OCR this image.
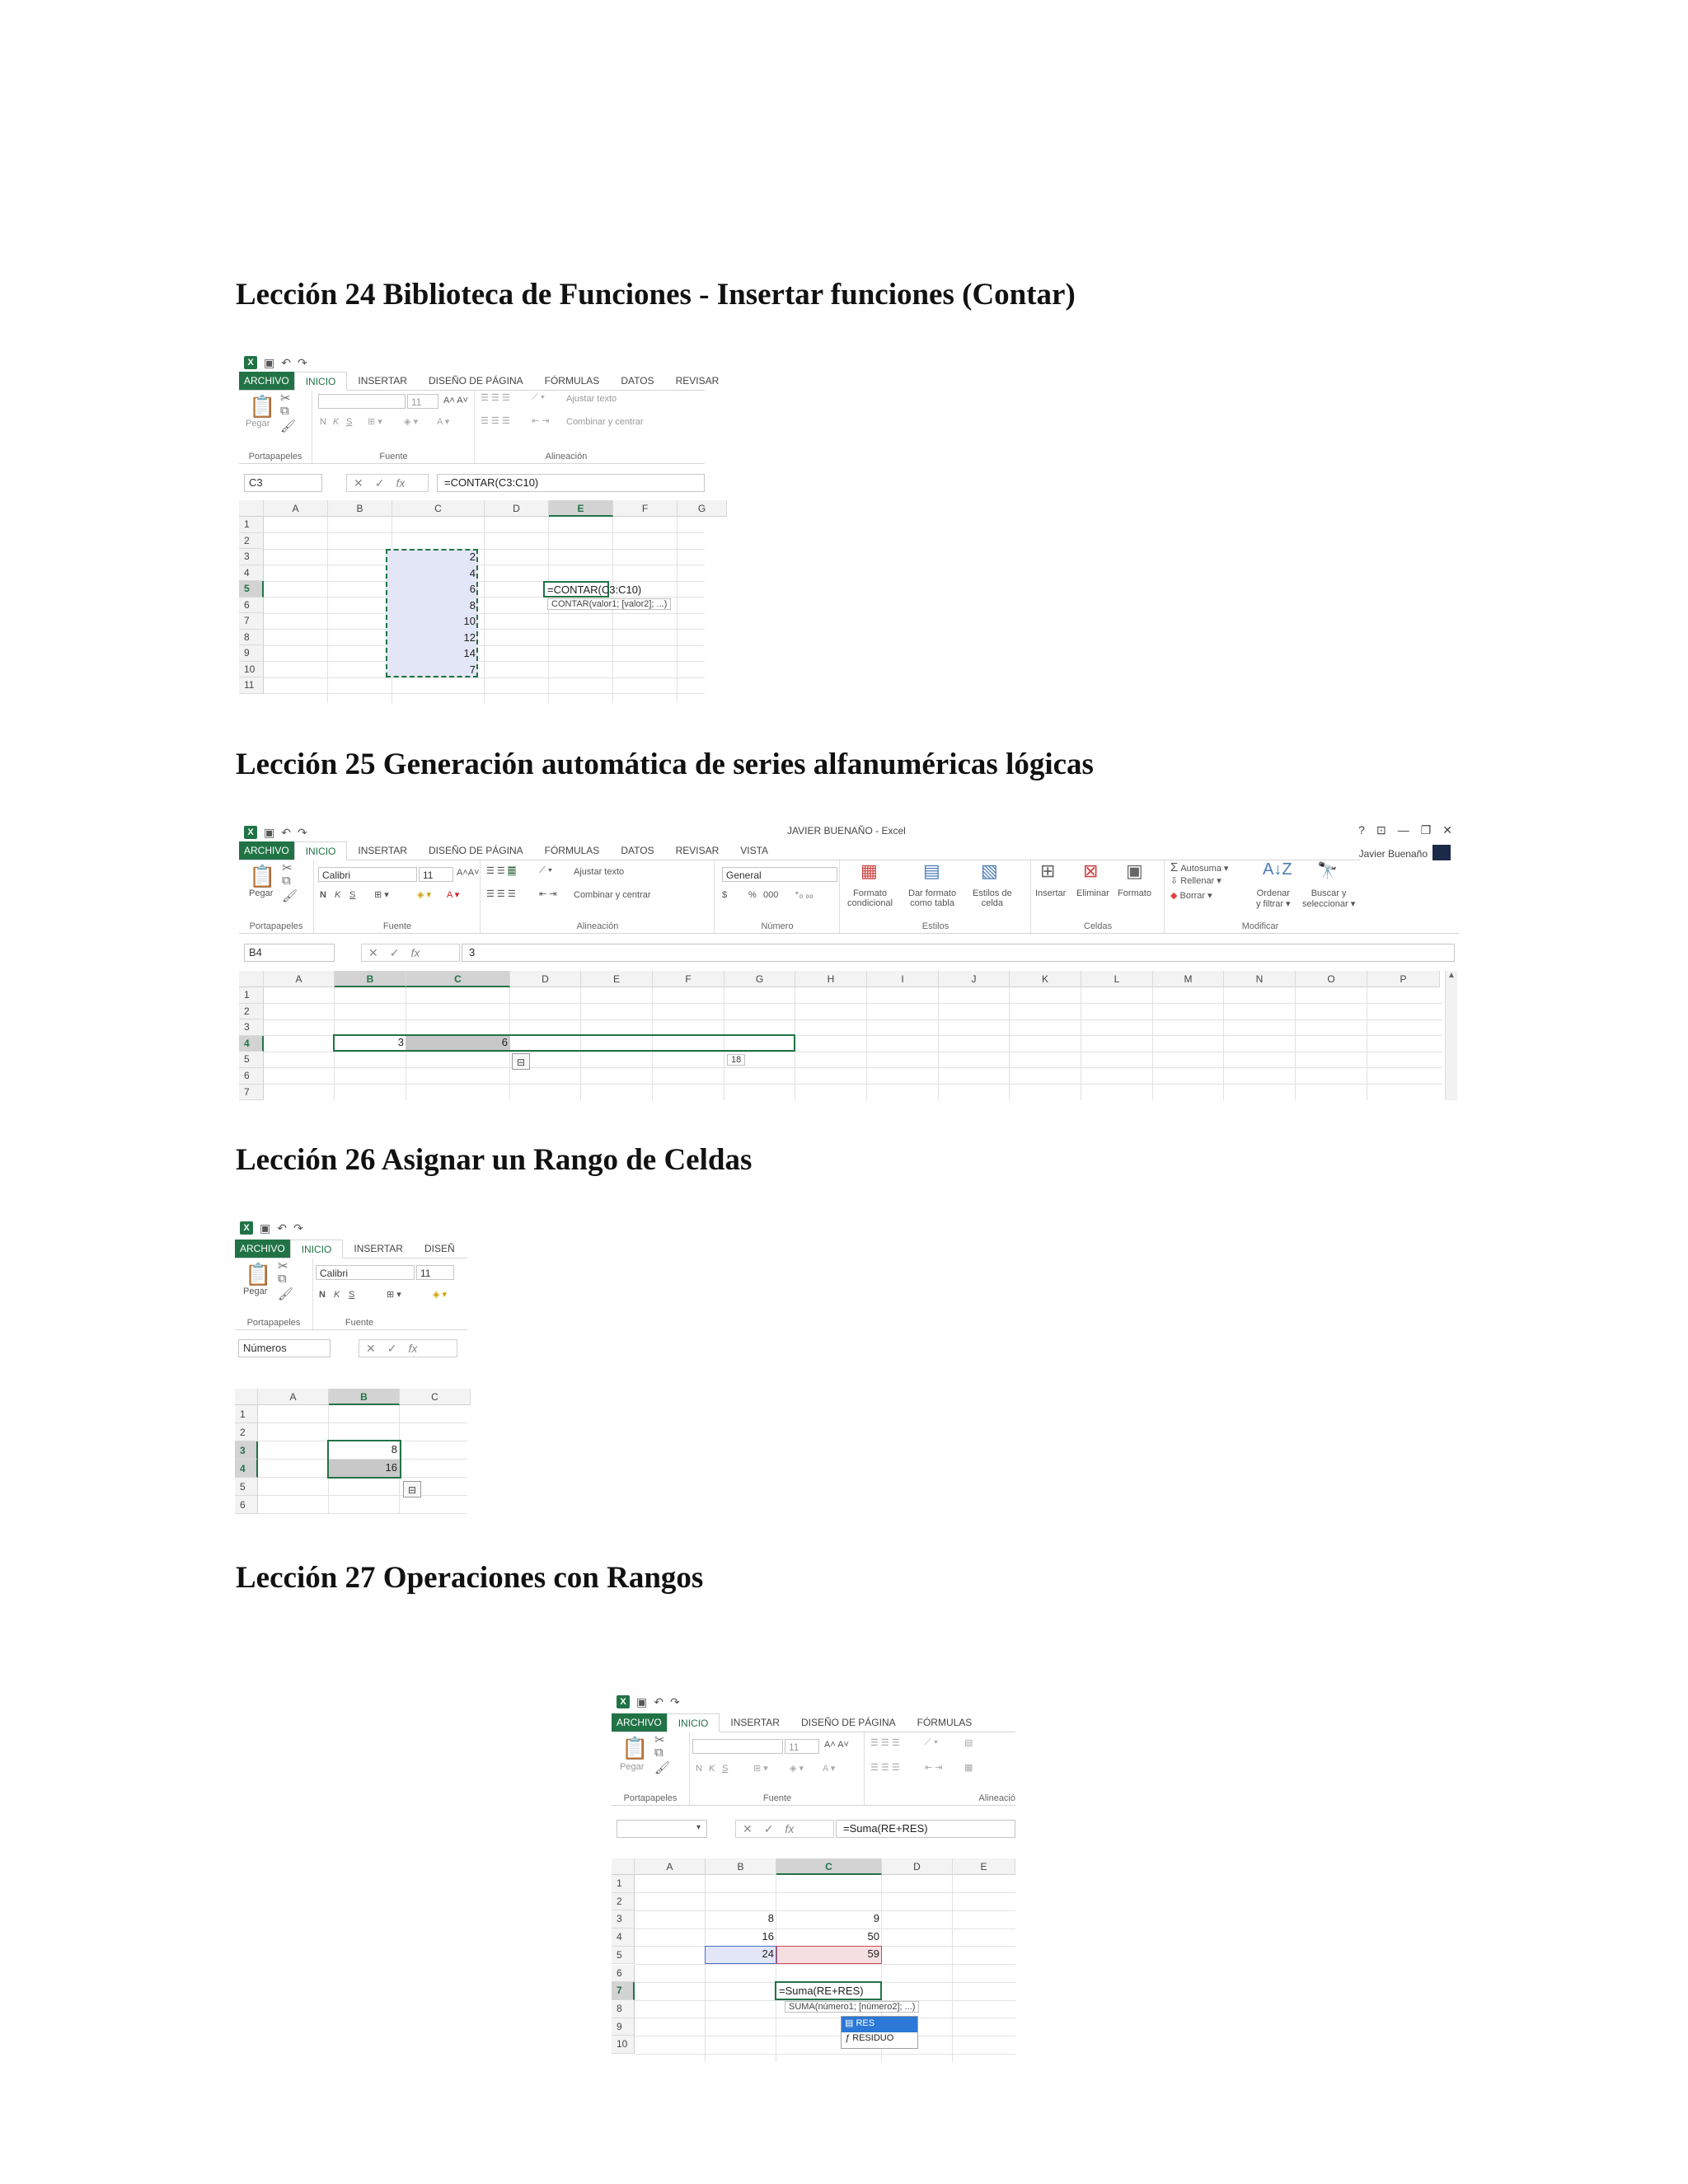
Lección 24 Biblioteca de Funciones - Insertar funciones (Contar)
Lección 25 Generación automática de series alfanuméricas lógicas
Lección 26 Asignar un Rango de Celdas
Lección 27 Operaciones con Rangos
X ▣ ↶ ↷
ARCHIVO	INICIO	INSERTAR	DISEÑO DE PÁGINA	FÓRMULAS	DATOS	REVISAR
📋
Pegar
✂
⧉
🖌
Portapapeles
11	A˄ A˅
N K S ⊞ ▾ ◈ ▾ A ▾
Fuente
☰ ☰ ☰
☰ ☰ ☰
⟋ ▾
⇤ ⇥
Ajustar texto
Combinar y centrar
Alineación
C3	✕ ✓ fx	=CONTAR(C3:C10)
A	B	C	D	E	F	G
1
2
3
4
5
6
7
8
9
10
11
2
4
6
8
10
12
14
7
=CONTAR(C3:C10)
CONTAR(valor1; [valor2]; ...)
X ▣ ↶ ↷	JAVIER BUENAÑO - Excel	? ⊡ — ❐ ✕
Javier Buenaño
ARCHIVO	INICIO	INSERTAR	DISEÑO DE PÁGINA	FÓRMULAS	DATOS	REVISAR	VISTA
📋
Pegar
✂
⧉
🖌
Portapapeles
Calibri	11	A˄A˅
N K S ⊞ ▾	◈ ▾ A ▾
Fuente
☰ ☰ ☰
☰ ☰ ☰
⟋ ▾
⇤ ⇥
Ajustar texto
Combinar y centrar
Alineación
General
$ % 000 ⁺₀ ₀₀
Número
▦
Formato
condicional
▤
Dar formato
como tabla
▧
Estilos de
celda
Estilos
⊞
Insertar
⊠
Eliminar
▣
Formato
Celdas
Σ Autosuma ▾
⇩ Rellenar ▾
◆ Borrar ▾
A↓Z
Ordenar
y filtrar ▾
🔭
Buscar y
seleccionar ▾
Modificar
B4	✕ ✓ fx	3
A	B	C	D	E	F	G	H	I	J	K	L	M	N	O	P
1
2
3
4
5
6
7
▲
3	6
⊟	18
X ▣ ↶ ↷
ARCHIVO	INICIO	INSERTAR	DISEÑ
📋
Pegar
✂
⧉
🖌
Portapapeles
Calibri	11
N K S	⊞ ▾	◈ ▾
Fuente
Números	✕ ✓ fx
A	B	C
1
2
3
4
5
6
8
16
⊟
X ▣ ↶ ↷
ARCHIVO	INICIO	INSERTAR	DISEÑO DE PÁGINA	FÓRMULAS
📋
Pegar
✂
⧉
🖌
Portapapeles
11	A˄ A˅
N K S	⊞ ▾ ◈ ▾ A ▾
Fuente
☰ ☰ ☰
☰ ☰ ☰
⟋ ▾
⇤ ⇥
▤
▦
Alineació
▾	✕ ✓ fx	=Suma(RE+RES)
A	B	C	D	E
1
2
3
4
5
6
7
8
9
10
8
16
24
9
50
59
=Suma(RE+RES)
SUMA(número1; [número2]; ...)
▤ RES
ƒ RESIDUO
